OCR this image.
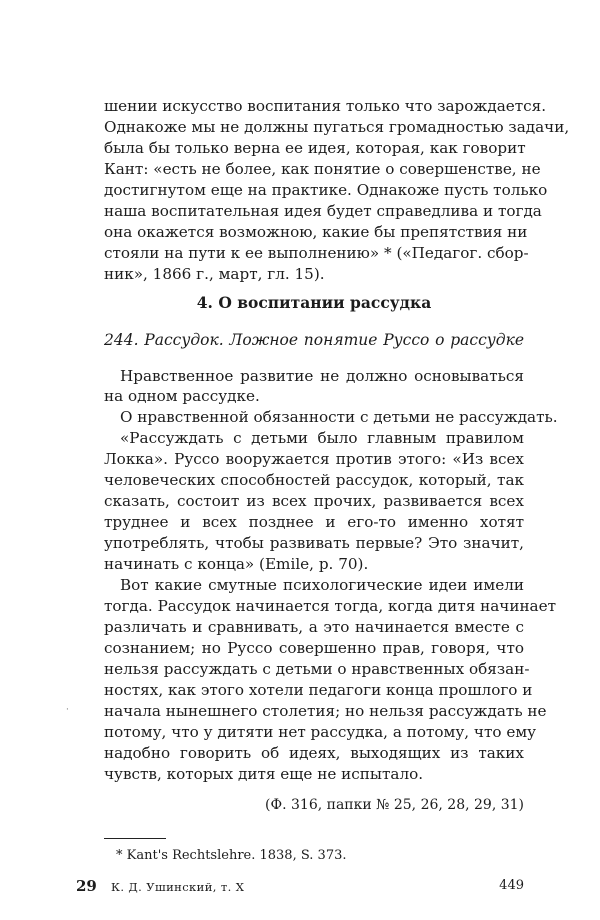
шении искусство воспитания только что зарождается.
Однакоже мы не должны пугаться громадностью задачи,
была бы только верна ее идея, которая, как говорит
Кант: «есть не более, как понятие о совершенстве, не
достигнутом еще на практике. Однакоже пусть только
наша воспитательная идея будет справедлива и тогда
она окажется возможною, какие бы препятствия ни
стояли на пути к ее выполнению» * («Педагог. сбор-
ник», 1866 г., март, гл. 15).
4. О воспитании рассудка
244. Рассудок. Ложное понятие Руссо о рассудке
Нравственное развитие не должно основываться
на одном рассудке.
О нравственной обязанности с детьми не рассуждать.
«Рассуждать с детьми было главным правилом
Локка». Руссо вооружается против этого: «Из всех
человеческих способностей рассудок, который, так
сказать, состоит из всех прочих, развивается всех
труднее и всех позднее и его-то именно хотят
употреблять, чтобы развивать первые? Это значит,
начинать с конца» (Emile, p. 70).
Вот какие смутные психологические идеи имели
тогда. Рассудок начинается тогда, когда дитя начинает
различать и сравнивать, а это начинается вместе с
сознанием; но Руссо совершенно прав, говоря, что
нельзя рассуждать с детьми о нравственных обязан-
ностях, как этого хотели педагоги конца прошлого и
начала нынешнего столетия; но нельзя рассуждать не
потому, что у дитяти нет рассудка, а потому, что ему
надобно говорить об идеях, выходящих из таких
чувств, которых дитя еще не испытало.
·
(Ф. 316, папки № 25, 26, 28, 29, 31)
* Kant's Rechtslehre. 1838, S. 373.
29 К. Д. Ушинский, т. X	449
